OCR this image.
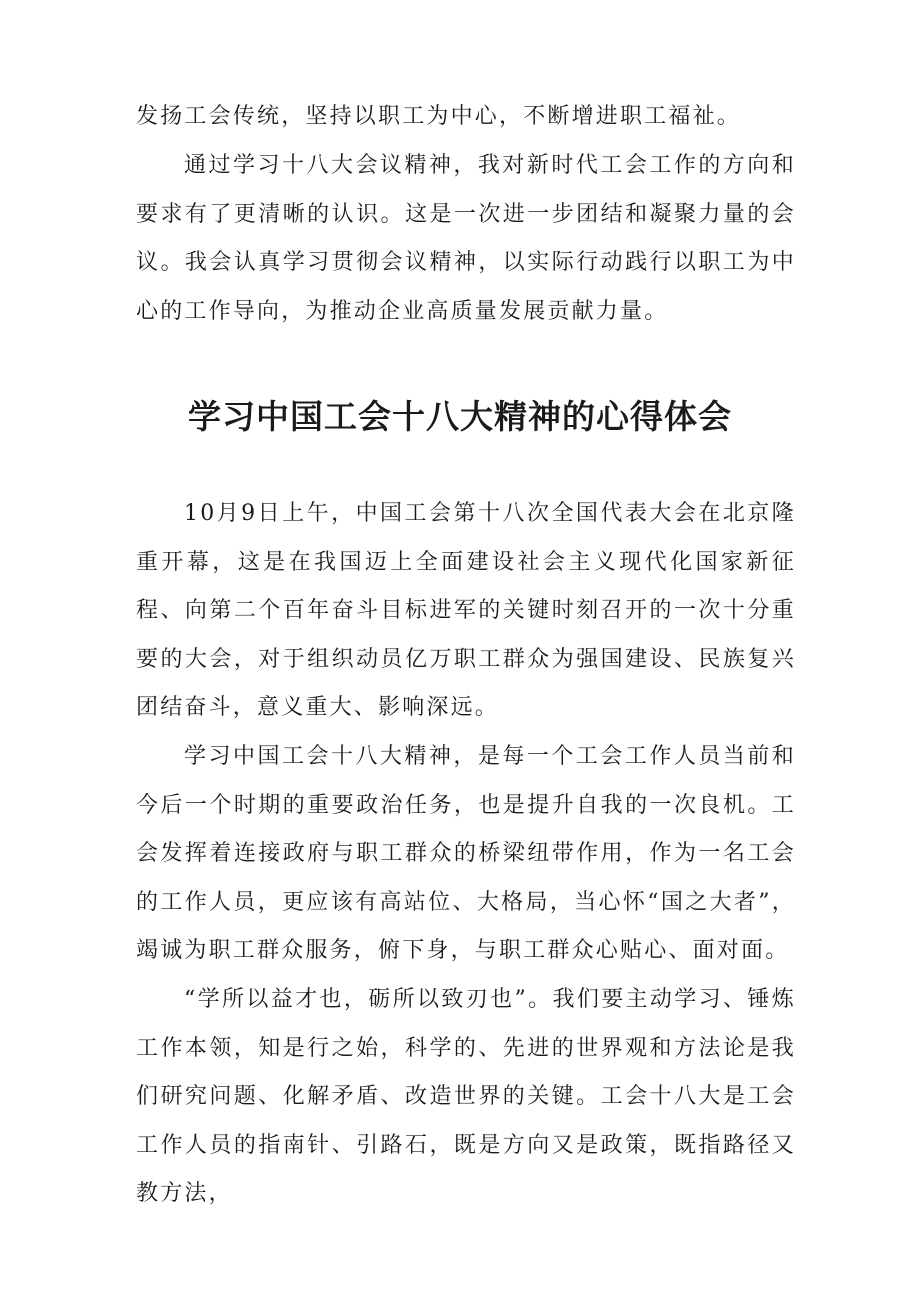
发扬工会传统，坚持以职工为中心，不断增进职工福祉。

通过学习十八大会议精神，我对新时代工会工作的方向和要求有了更清晰的认识。这是一次进一步团结和凝聚力量的会议。我会认真学习贯彻会议精神，以实际行动践行以职工为中心的工作导向，为推动企业高质量发展贡献力量。

学习中国工会十八大精神的心得体会

10月9日上午，中国工会第十八次全国代表大会在北京隆重开幕，这是在我国迈上全面建设社会主义现代化国家新征程、向第二个百年奋斗目标进军的关键时刻召开的一次十分重要的大会，对于组织动员亿万职工群众为强国建设、民族复兴团结奋斗，意义重大、影响深远。

学习中国工会十八大精神，是每一个工会工作人员当前和今后一个时期的重要政治任务，也是提升自我的一次良机。工会发挥着连接政府与职工群众的桥梁纽带作用，作为一名工会的工作人员，更应该有高站位、大格局，当心怀“国之大者”，竭诚为职工群众服务，俯下身，与职工群众心贴心、面对面。

“学所以益才也，砺所以致刃也”。我们要主动学习、锤炼工作本领，知是行之始，科学的、先进的世界观和方法论是我们研究问题、化解矛盾、改造世界的关键。工会十八大是工会工作人员的指南针、引路石，既是方向又是政策，既指路径又教方法，
